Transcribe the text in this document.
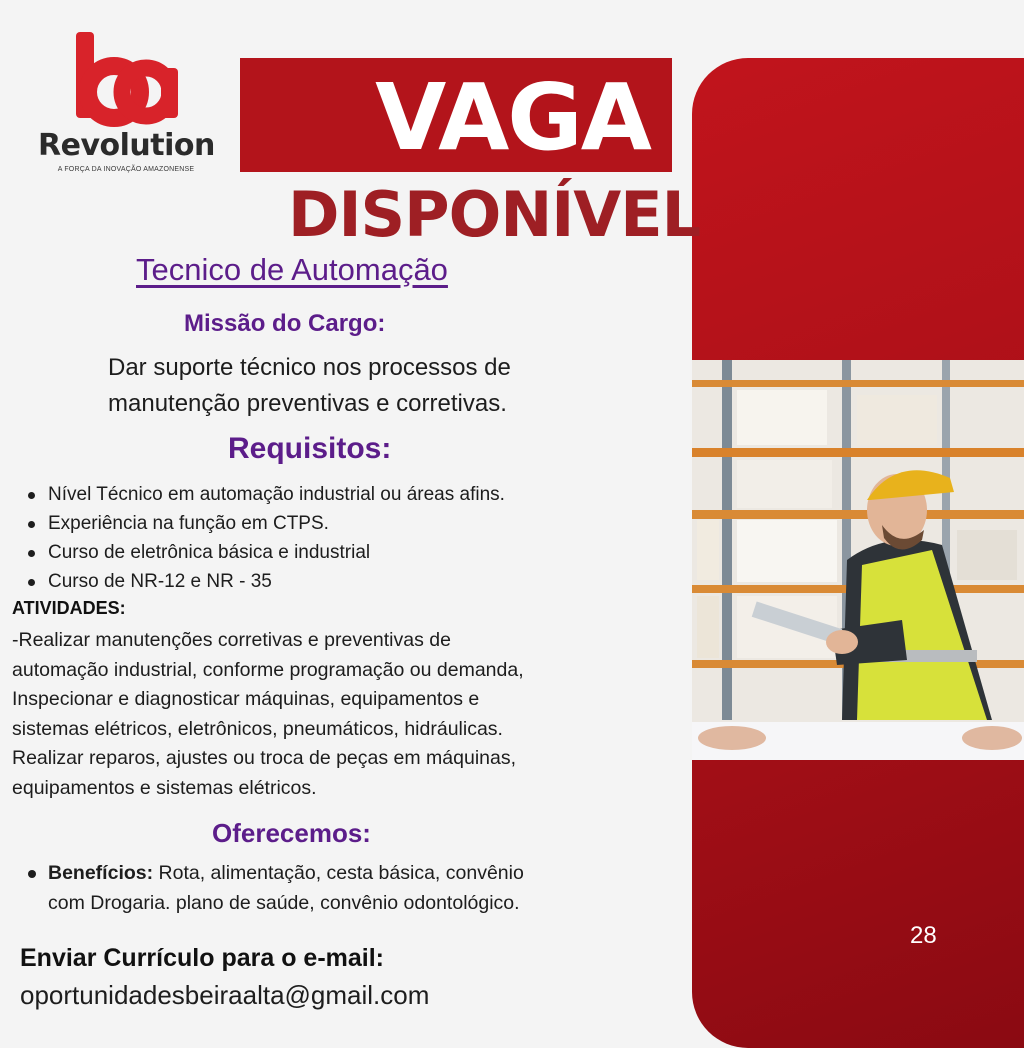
28
Revolution
A FORÇA DA INOVAÇÃO AMAZONENSE VAGA
DISPONÍVEL
Tecnico de Automação
Missão do Cargo:
Dar suporte técnico nos processos de
manutenção preventivas e corretivas.
Requisitos:
Nível Técnico em automação industrial ou áreas afins.
Experiência na função em CTPS.
Curso de eletrônica básica e industrial
Curso de NR-12 e NR - 35
ATIVIDADES:
-Realizar manutenções corretivas e preventivas de
automação industrial, conforme programação ou demanda,
Inspecionar e diagnosticar máquinas, equipamentos e
sistemas elétricos, eletrônicos, pneumáticos, hidráulicas.
Realizar reparos, ajustes ou troca de peças em máquinas,
equipamentos e sistemas elétricos.
Oferecemos:
Benefícios: Rota, alimentação, cesta básica, convênio
com Drogaria. plano de saúde, convênio odontológico.
Enviar Currículo para o e-mail:
oportunidadesbeiraalta@gmail.com
